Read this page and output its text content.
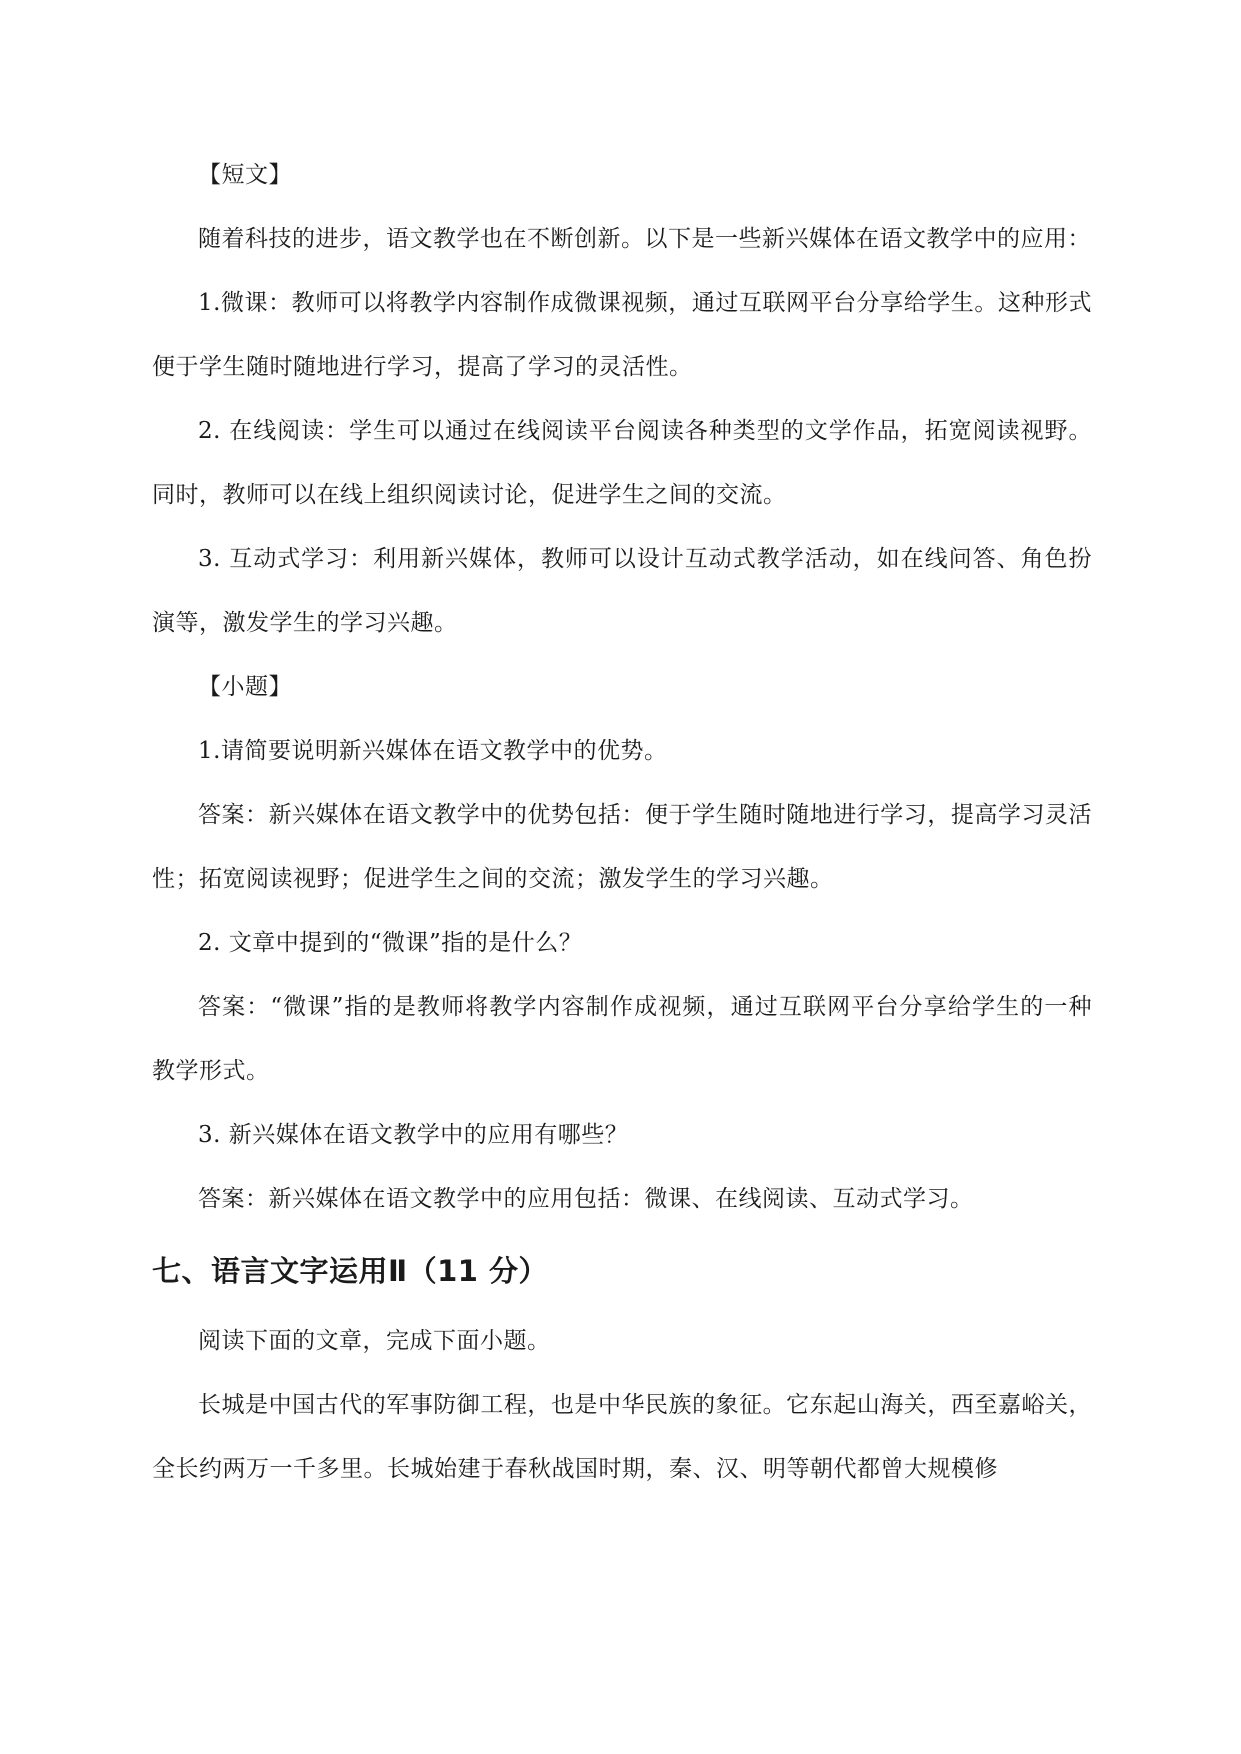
【短文】

随着科技的进步，语文教学也在不断创新。以下是一些新兴媒体在语文教学中的应用：

1.微课：教师可以将教学内容制作成微课视频，通过互联网平台分享给学生。这种形式便于学生随时随地进行学习，提高了学习的灵活性。

2. 在线阅读：学生可以通过在线阅读平台阅读各种类型的文学作品，拓宽阅读视野。同时，教师可以在线上组织阅读讨论，促进学生之间的交流。

3. 互动式学习：利用新兴媒体，教师可以设计互动式教学活动，如在线问答、角色扮演等，激发学生的学习兴趣。

【小题】

1.请简要说明新兴媒体在语文教学中的优势。

答案：新兴媒体在语文教学中的优势包括：便于学生随时随地进行学习，提高学习灵活性；拓宽阅读视野；促进学生之间的交流；激发学生的学习兴趣。

2. 文章中提到的“微课”指的是什么？

答案：“微课”指的是教师将教学内容制作成视频，通过互联网平台分享给学生的一种教学形式。

3. 新兴媒体在语文教学中的应用有哪些？

答案：新兴媒体在语文教学中的应用包括：微课、在线阅读、互动式学习。

七、语言文字运用Ⅱ（11 分）

阅读下面的文章，完成下面小题。

长城是中国古代的军事防御工程，也是中华民族的象征。它东起山海关，西至嘉峪关，全长约两万一千多里。长城始建于春秋战国时期，秦、汉、明等朝代都曾大规模修
